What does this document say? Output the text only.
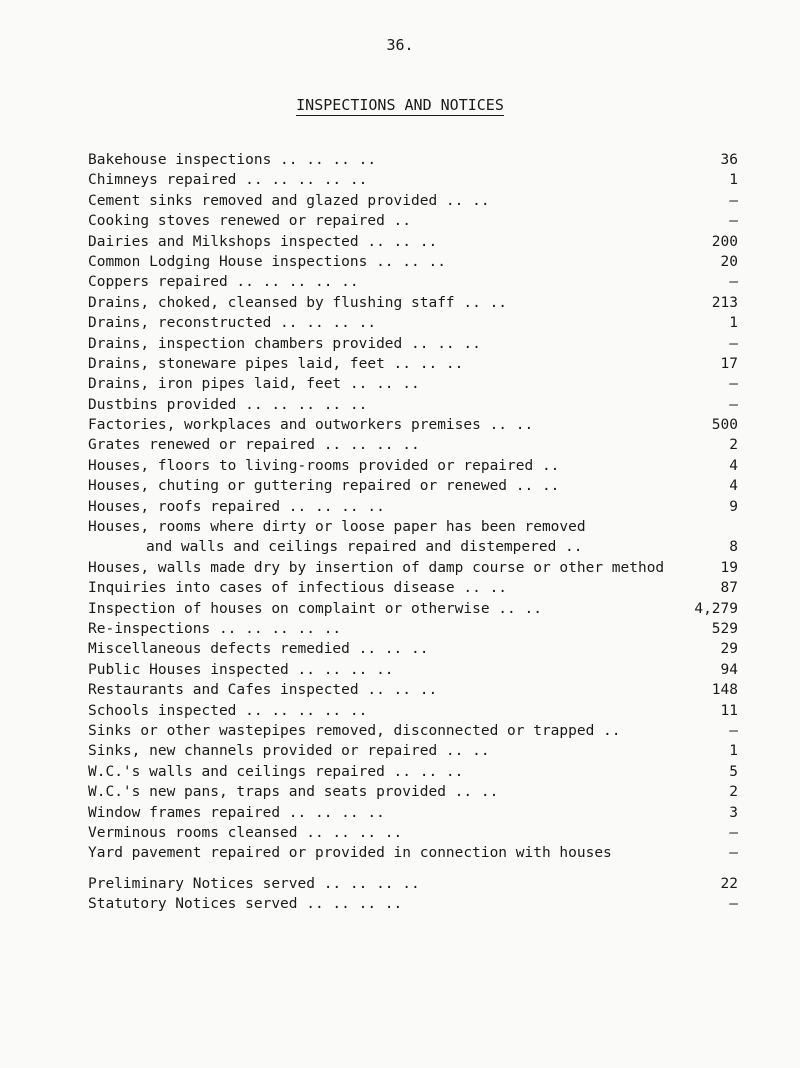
36.
INSPECTIONS AND NOTICES
Bakehouse inspections .. .. .. ..	36
Chimneys repaired .. .. .. .. ..	1
Cement sinks removed and glazed provided .. ..	–
Cooking stoves renewed or repaired ..	–
Dairies and Milkshops inspected .. .. ..	200
Common Lodging House inspections .. .. ..	20
Coppers repaired .. .. .. .. ..	–
Drains, choked, cleansed by flushing staff .. ..	213
Drains, reconstructed .. .. .. ..	1
Drains, inspection chambers provided .. .. ..	–
Drains, stoneware pipes laid, feet .. .. ..	17
Drains, iron pipes laid, feet .. .. ..	–
Dustbins provided .. .. .. .. ..	–
Factories, workplaces and outworkers premises .. ..	500
Grates renewed or repaired .. .. .. ..	2
Houses, floors to living-rooms provided or repaired ..	4
Houses, chuting or guttering repaired or renewed .. ..	4
Houses, roofs repaired .. .. .. ..	9
Houses, rooms where dirty or loose paper has been removed
and walls and ceilings repaired and distempered ..	8
Houses, walls made dry by insertion of damp course or other method	19
Inquiries into cases of infectious disease .. ..	87
Inspection of houses on complaint or otherwise .. ..	4,279
Re-inspections .. .. .. .. ..	529
Miscellaneous defects remedied .. .. ..	29
Public Houses inspected .. .. .. ..	94
Restaurants and Cafes inspected .. .. ..	148
Schools inspected .. .. .. .. ..	11
Sinks or other wastepipes removed, disconnected or trapped ..	–
Sinks, new channels provided or repaired .. ..	1
W.C.'s walls and ceilings repaired .. .. ..	5
W.C.'s new pans, traps and seats provided .. ..	2
Window frames repaired .. .. .. ..	3
Verminous rooms cleansed .. .. .. ..	–
Yard pavement repaired or provided in connection with houses	–
Preliminary Notices served .. .. .. ..	22
Statutory Notices served .. .. .. ..	–
